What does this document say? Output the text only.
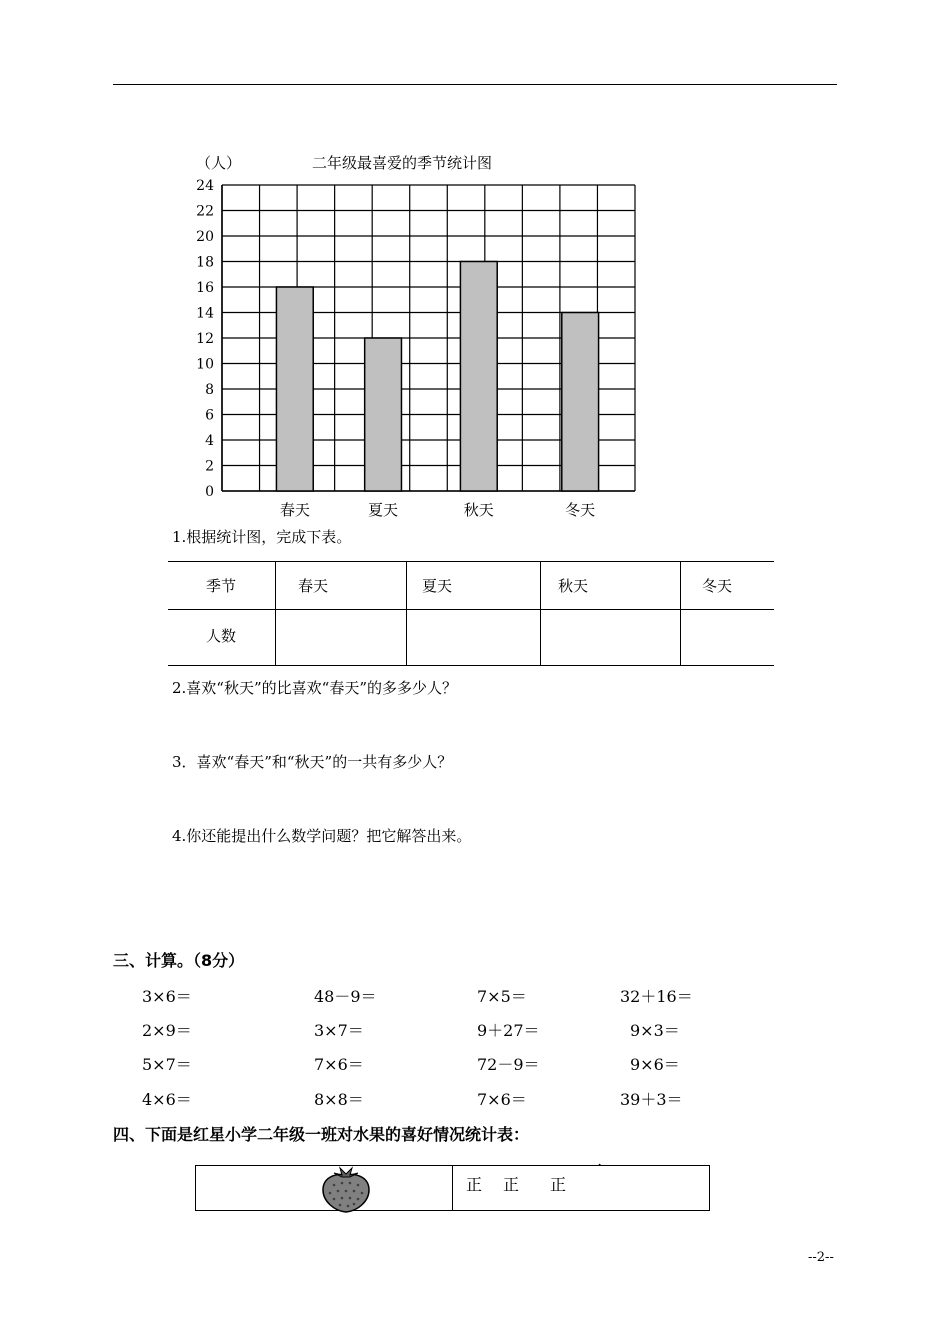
（人）	二年级最喜爱的季节统计图
0
2
4
6
8
10
12
14
16
18
20
22
24
春天	夏天	秋天	冬天
1.根据统计图，完成下表。
季节	春天	夏天	秋天	冬天
人数
2.喜欢“秋天”的比喜欢“春天”的多多少人？
3．喜欢“春天”和“秋天”的一共有多少人？
4.你还能提出什么数学问题？把它解答出来。
三、计算。（8分）
3×6＝	48－9＝	7×5＝	32＋16＝
2×9＝	3×7＝	9＋27＝	9×3＝
5×7＝	7×6＝	72－9＝	9×6＝
4×6＝	8×8＝	7×6＝	39＋3＝
四、下面是红星小学二年级一班对水果的喜好情况统计表：
正 正 正
一
--2--
